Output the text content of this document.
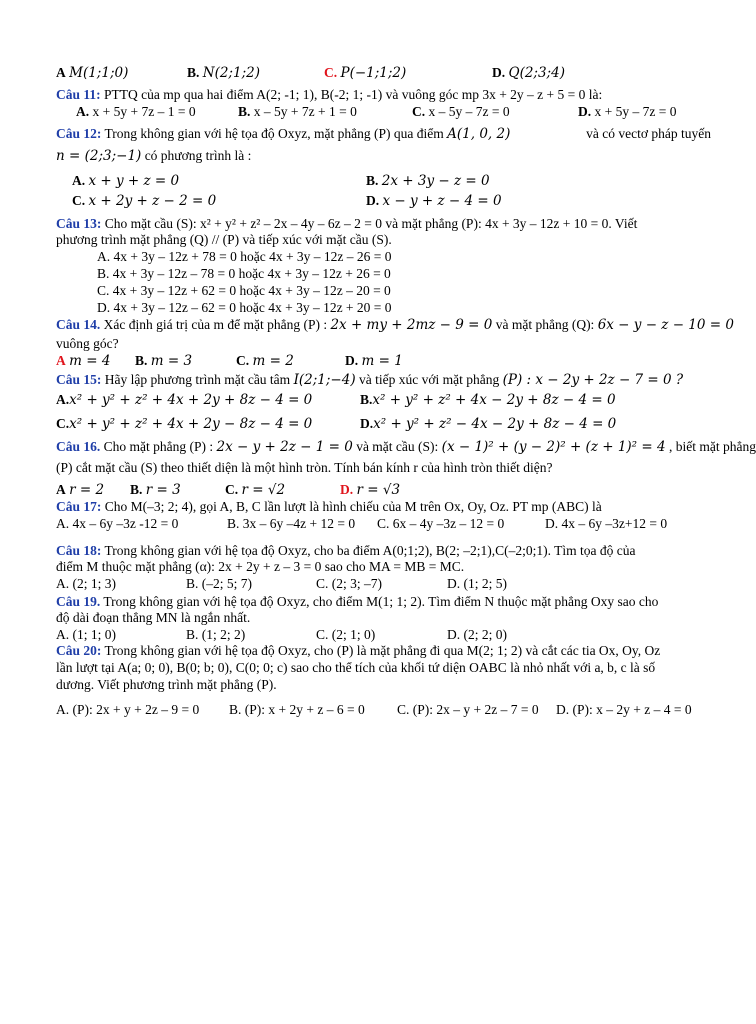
A M(1;1;0)	B. N(2;1;2)	C. P(−1;1;2)	D. Q(2;3;4)
Câu 11: PTTQ của mp qua hai điểm A(2; -1; 1), B(-2; 1; -1) và vuông góc mp 3x + 2y – z + 5 = 0 là:
A. x + 5y + 7z – 1 = 0	B. x – 5y + 7z + 1 = 0	C. x – 5y – 7z = 0	D. x + 5y – 7z = 0
Câu 12: Trong không gian với hệ tọa độ Oxyz, mặt phẳng (P) qua điểm A(1, 0, 2)	và có vectơ pháp tuyến
n = (2;3;−1) có phương trình là :
A. x + y + z = 0	B. 2x + 3y − z = 0
C. x + 2y + z − 2 = 0	D. x − y + z − 4 = 0
Câu 13: Cho mặt cầu (S): x² + y² + z² – 2x – 4y – 6z – 2 = 0 và mặt phẳng (P): 4x + 3y – 12z + 10 = 0. Viết
phương trình mặt phẳng (Q) // (P) và tiếp xúc với mặt cầu (S).
A. 4x + 3y – 12z + 78 = 0 hoặc 4x + 3y – 12z – 26 = 0
B. 4x + 3y – 12z – 78 = 0 hoặc 4x + 3y – 12z + 26 = 0
C. 4x + 3y – 12z + 62 = 0 hoặc 4x + 3y – 12z – 20 = 0
D. 4x + 3y – 12z – 62 = 0 hoặc 4x + 3y – 12z + 20 = 0
Câu 14. Xác định giá trị của m để mặt phẳng (P) : 2x + my + 2mz − 9 = 0 và mặt phẳng (Q): 6x − y − z − 10 = 0
vuông góc?
A m = 4 B. m = 3	C. m = 2	D. m = 1
Câu 15: Hãy lập phương trình mặt cầu tâm I(2;1;−4) và tiếp xúc với mặt phẳng (P) : x − 2y + 2z − 7 = 0 ?
A.x² + y² + z² + 4x + 2y + 8z − 4 = 0	B.x² + y² + z² + 4x − 2y + 8z − 4 = 0
C.x² + y² + z² + 4x + 2y − 8z − 4 = 0	D.x² + y² + z² − 4x − 2y + 8z − 4 = 0
Câu 16. Cho mặt phẳng (P) : 2x − y + 2z − 1 = 0 và mặt cầu (S): (x − 1)² + (y − 2)² + (z + 1)² = 4 , biết mặt phẳng
(P) cắt mặt cầu (S) theo thiết diện là một hình tròn. Tính bán kính r của hình tròn thiết diện?
A r = 2 B. r = 3	C. r = √2	D. r = √3
Câu 17: Cho M(–3; 2; 4), gọi A, B, C lần lượt là hình chiếu của M trên Ox, Oy, Oz. PT mp (ABC) là
A. 4x – 6y –3z -12 = 0	B. 3x – 6y –4z + 12 = 0 C. 6x – 4y –3z – 12 = 0	D. 4x – 6y –3z+12 = 0
Câu 18: Trong không gian với hệ tọa độ Oxyz, cho ba điểm A(0;1;2), B(2; –2;1),C(–2;0;1). Tìm tọa độ của
điểm M thuộc mặt phẳng (α): 2x + 2y + z – 3 = 0 sao cho MA = MB = MC.
A. (2; 1; 3)	B. (–2; 5; 7)	C. (2; 3; –7)	D. (1; 2; 5)
Câu 19. Trong không gian với hệ tọa độ Oxyz, cho điểm M(1; 1; 2). Tìm điểm N thuộc mặt phẳng Oxy sao cho
độ dài đoạn thẳng MN là ngắn nhất.
A. (1; 1; 0)	B. (1; 2; 2)	C. (2; 1; 0)	D. (2; 2; 0)
Câu 20: Trong không gian với hệ tọa độ Oxyz, cho (P) là mặt phẳng đi qua M(2; 1; 2) và cắt các tia Ox, Oy, Oz
lần lượt tại A(a; 0; 0), B(0; b; 0), C(0; 0; c) sao cho thể tích của khối tứ diện OABC là nhỏ nhất với a, b, c là số
dương. Viết phương trình mặt phẳng (P).
A. (P): 2x + y + 2z – 9 = 0 B. (P): x + 2y + z – 6 = 0 C. (P): 2x – y + 2z – 7 = 0 D. (P): x – 2y + z – 4 = 0
